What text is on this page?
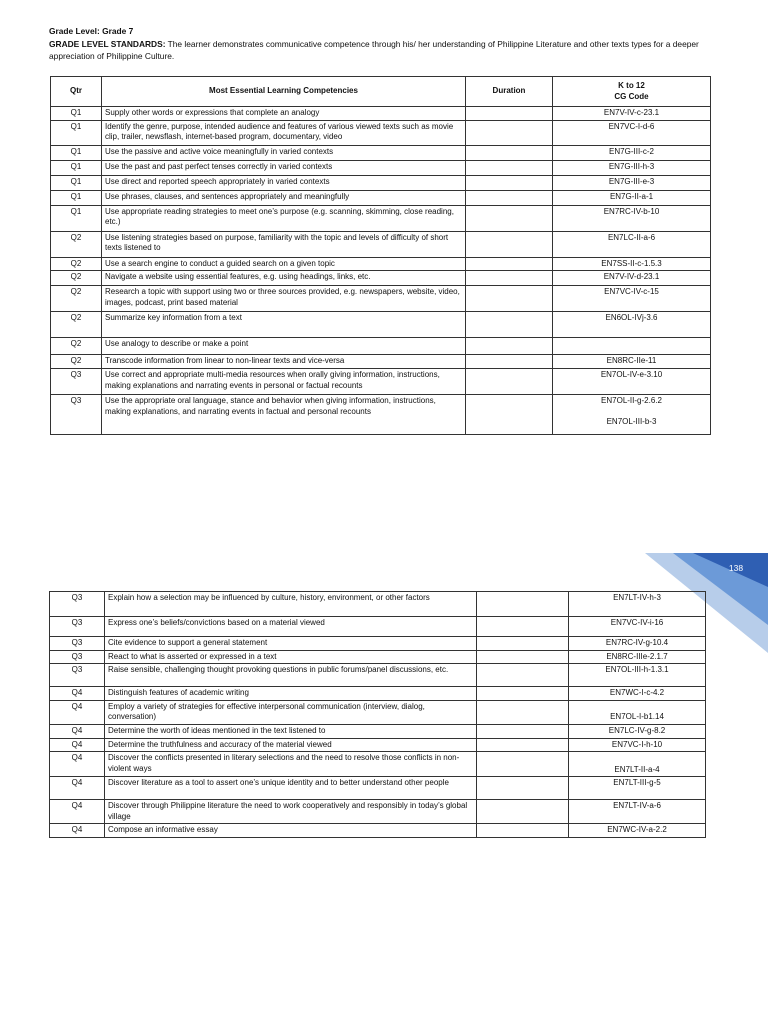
Grade Level: Grade 7
GRADE LEVEL STANDARDS: The learner demonstrates communicative competence through his/ her understanding of Philippine Literature and other texts types for a deeper appreciation of Philippine Culture.
Qtr	Most Essential Learning Competencies	Duration	K to 12
CG Code
Q1	Supply other words or expressions that complete an analogy		EN7V-IV-c-23.1
Q1	Identify the genre, purpose, intended audience and features of various viewed texts such as movie clip, trailer, newsflash, internet-based program, documentary, video		EN7VC-I-d-6
Q1	Use the passive and active voice meaningfully in varied contexts		EN7G-III-c-2
Q1	Use the past and past perfect tenses correctly in varied contexts		EN7G-III-h-3
Q1	Use direct and reported speech appropriately in varied contexts		EN7G-III-e-3
Q1	Use phrases, clauses, and sentences appropriately and meaningfully		EN7G-II-a-1
Q1	Use appropriate reading strategies to meet one’s purpose (e.g. scanning, skimming, close reading, etc.)		EN7RC-IV-b-10
Q2	Use listening strategies based on purpose, familiarity with the topic and levels of difficulty of short texts listened to		EN7LC-II-a-6
Q2	Use a search engine to conduct a guided search on a given topic		EN7SS-II-c-1.5.3
Q2	Navigate a website using essential features, e.g. using headings, links, etc.		EN7V-IV-d-23.1
Q2	Research a topic with support using two or three sources provided, e.g. newspapers, website, video, images, podcast, print based material		EN7VC-IV-c-15
Q2	Summarize key information from a text		EN6OL-IVj-3.6
Q2	Use analogy to describe or make a point		
Q2	Transcode information from linear to non-linear texts and vice-versa		EN8RC-IIe-11
Q3	Use correct and appropriate multi-media resources when orally giving information, instructions, making explanations and narrating events in personal or factual recounts		EN7OL-IV-e-3.10
Q3	Use the appropriate oral language, stance and behavior when giving information, instructions, making explanations, and narrating events in factual and personal recounts		EN7OL-II-g-2.6.2
EN7OL-III-b-3
138
Q3	Explain how a selection may be influenced by culture, history, environment, or other factors		EN7LT-IV-h-3
Q3	Express one’s beliefs/convictions based on a material viewed		EN7VC-IV-i-16
Q3	Cite evidence to support a general statement		EN7RC-IV-g-10.4
Q3	React to what is asserted or expressed in a text		EN8RC-IIIe-2.1.7
Q3	Raise sensible, challenging thought provoking questions in public forums/panel discussions, etc.		EN7OL-III-h-1.3.1
Q4	Distinguish features of academic writing		EN7WC-I-c-4.2
Q4	Employ a variety of strategies for effective interpersonal communication (interview, dialog, conversation)		EN7OL-I-b1.14
Q4	Determine the worth of ideas mentioned in the text listened to		EN7LC-IV-g-8.2
Q4	Determine the truthfulness and accuracy of the material viewed		EN7VC-I-h-10
Q4	Discover the conflicts presented in literary selections and the need to resolve those conflicts in non-violent ways		EN7LT-II-a-4
Q4	Discover literature as a tool to assert one’s unique identity and to better understand other people		EN7LT-III-g-5
Q4	Discover through Philippine literature the need to work cooperatively and responsibly in today’s global village		EN7LT-IV-a-6
Q4	Compose an informative essay		EN7WC-IV-a-2.2
